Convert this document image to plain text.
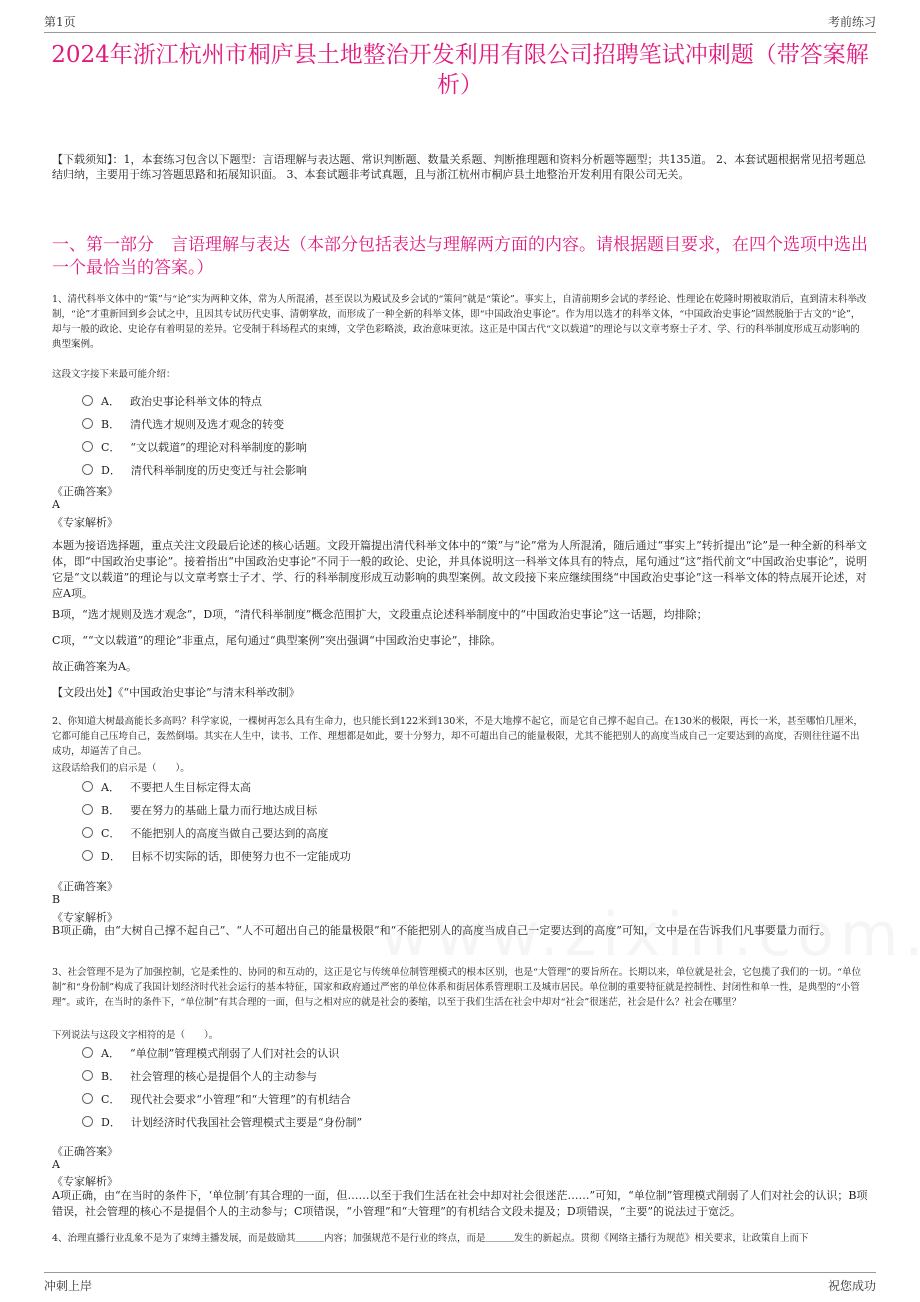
第1页	考前练习
2024年浙江杭州市桐庐县土地整治开发利用有限公司招聘笔试冲刺题（带答案解析）
【下载须知】：1，本套练习包含以下题型：言语理解与表达题、常识判断题、数量关系题、判断推理题和资料分析题等题型；共135道。 2、本套试题根据常见招考题总结归纳，主要用于练习答题思路和拓展知识面。 3、本套试题非考试真题，且与浙江杭州市桐庐县土地整治开发利用有限公司无关。
一、第一部分　言语理解与表达（本部分包括表达与理解两方面的内容。请根据题目要求，在四个选项中选出一个最恰当的答案。）
1、清代科举文体中的“策”与“论”实为两种文体，常为人所混淆，甚至误以为殿试及乡会试的“策问”就是“策论”。事实上，自清前期乡会试的孝经论、性理论在乾隆时期被取消后，直到清末科举改制，“论”才重新回到乡会试之中，且因其专试历代史事、清朝掌故，而形成了一种全新的科举文体，即“中国政治史事论”。作为用以选才的科举文体，“中国政治史事论”固然脱胎于古文的“论”，却与一般的政论、史论存有着明显的差异。它受制于科场程式的束缚，文学色彩略淡，政治意味更浓。这正是中国古代“文以载道”的理论与以文章考察士子才、学、行的科举制度形成互动影响的典型案例。
这段文字接下来最可能介绍：
A． 政治史事论科举文体的特点
B． 清代选才规则及选才观念的转变
C． “文以载道”的理论对科举制度的影响
D． 清代科举制度的历史变迁与社会影响
《正确答案》
A
《专家解析》
本题为接语选择题，重点关注文段最后论述的核心话题。文段开篇提出清代科举文体中的“策”与“论”常为人所混淆，随后通过“事实上”转折提出“论”是一种全新的科举文体，即“中国政治史事论”。接着指出“中国政治史事论”不同于一般的政论、史论，并具体说明这一科举文体具有的特点，尾句通过“这”指代前文“中国政治史事论”，说明它是“文以载道”的理论与以文章考察士子才、学、行的科举制度形成互动影响的典型案例。故文段接下来应继续围绕“中国政治史事论”这一科举文体的特点展开论述，对应A项。
B项，“选才规则及选才观念”，D项，“清代科举制度”概念范围扩大，文段重点论述科举制度中的“中国政治史事论”这一话题，均排除；
C项，““文以载道”的理论”非重点，尾句通过“典型案例”突出强调“中国政治史事论”，排除。
故正确答案为A。
【文段出处】《“中国政治史事论”与清末科举改制》
2、你知道大树最高能长多高吗？科学家说，一棵树再怎么具有生命力，也只能长到122米到130米，不是大地撑不起它，而是它自己撑不起自己。在130米的极限，再长一米，甚至哪怕几厘米，它都可能自己压垮自己，轰然倒塌。其实在人生中，读书、工作、理想都是如此，要十分努力，却不可超出自己的能量极限，尤其不能把别人的高度当成自己一定要达到的高度，否则往往逼不出成功，却逼苦了自己。
这段话给我们的启示是（　　）。
A． 不要把人生目标定得太高
B． 要在努力的基础上量力而行地达成目标
C． 不能把别人的高度当做自己要达到的高度
D． 目标不切实际的话，即使努力也不一定能成功
《正确答案》
B
《专家解析》
B项正确，由“大树自己撑不起自己”、“人不可超出自己的能量极限”和“不能把别人的高度当成自己一定要达到的高度”可知，文中是在告诉我们凡事要量力而行。
3、社会管理不是为了加强控制，它是柔性的、协同的和互动的，这正是它与传统单位制管理模式的根本区别，也是“大管理”的要旨所在。长期以来，单位就是社会，它包揽了我们的一切。“单位制”和“身份制”构成了我国计划经济时代社会运行的基本特征，国家和政府通过严密的单位体系和街居体系管理职工及城市居民。单位制的重要特征就是控制性、封闭性和单一性，是典型的“小管理”。或许，在当时的条件下，“单位制”有其合理的一面，但与之相对应的就是社会的萎缩，以至于我们生活在社会中却对“社会”很迷茫，社会是什么？社会在哪里？
下列说法与这段文字相符的是（　　）。
A． “单位制”管理模式削弱了人们对社会的认识
B． 社会管理的核心是提倡个人的主动参与
C． 现代社会要求“小管理”和“大管理”的有机结合
D． 计划经济时代我国社会管理模式主要是“身份制”
《正确答案》
A
《专家解析》
A项正确，由“在当时的条件下，‘单位制’有其合理的一面，但……以至于我们生活在社会中却对社会很迷茫……”可知，“单位制”管理模式削弱了人们对社会的认识；B项错误，社会管理的核心不是提倡个人的主动参与；C项错误，“小管理”和“大管理”的有机结合文段未提及；D项错误，“主要”的说法过于宽泛。
4、治理直播行业乱象不是为了束缚主播发展，而是鼓励其＿＿＿内容；加强规范不是行业的终点，而是＿＿＿发生的新起点。贯彻《网络主播行为规范》相关要求，让政策自上而下
冲刺上岸	祝您成功
